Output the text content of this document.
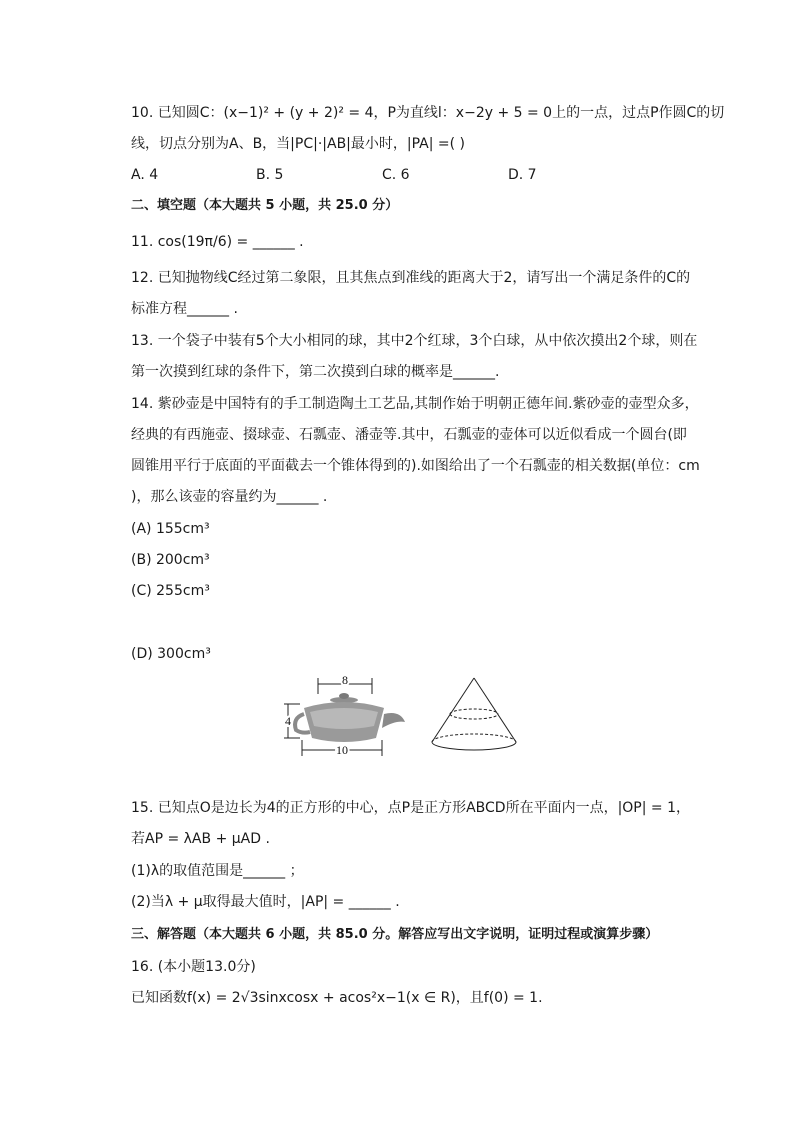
10. 已知圆C：(x−1)² + (y + 2)² = 4，P为直线l：x−2y + 5 = 0上的一点，过点P作圆C的切
线，切点分别为A、B，当|PC|·|AB|最小时，|PA| =( )
A. 4	B. 5	C. 6	D. 7
二、填空题（本大题共 5 小题，共 25.0 分）
11. cos(19π/6) = ______ .
12. 已知抛物线C经过第二象限，且其焦点到准线的距离大于2，请写出一个满足条件的C的
标准方程______ .
13. 一个袋子中装有5个大小相同的球，其中2个红球，3个白球，从中依次摸出2个球，则在
第一次摸到红球的条件下，第二次摸到白球的概率是______.
14. 紫砂壶是中国特有的手工制造陶土工艺品,其制作始于明朝正德年间.紫砂壶的壶型众多，
经典的有西施壶、掇球壶、石瓢壶、潘壶等.其中，石瓢壶的壶体可以近似看成一个圆台(即
圆锥用平行于底面的平面截去一个锥体得到的).如图给出了一个石瓢壶的相关数据(单位：cm
)，那么该壶的容量约为______ .
(A) 155cm³
(B) 200cm³
(C) 255cm³
(D) 300cm³
8
4
10
15. 已知点O是边长为4的正方形的中心，点P是正方形ABCD所在平面内一点，|OP| = 1，
若AP = λAB + μAD .
(1)λ的取值范围是______ ；
(2)当λ + μ取得最大值时，|AP| = ______ .
三、解答题（本大题共 6 小题，共 85.0 分。解答应写出文字说明，证明过程或演算步骤）
16. (本小题13.0分)
已知函数f(x) = 2√3sinxcosx + acos²x−1(x ∈ R)，且f(0) = 1.
